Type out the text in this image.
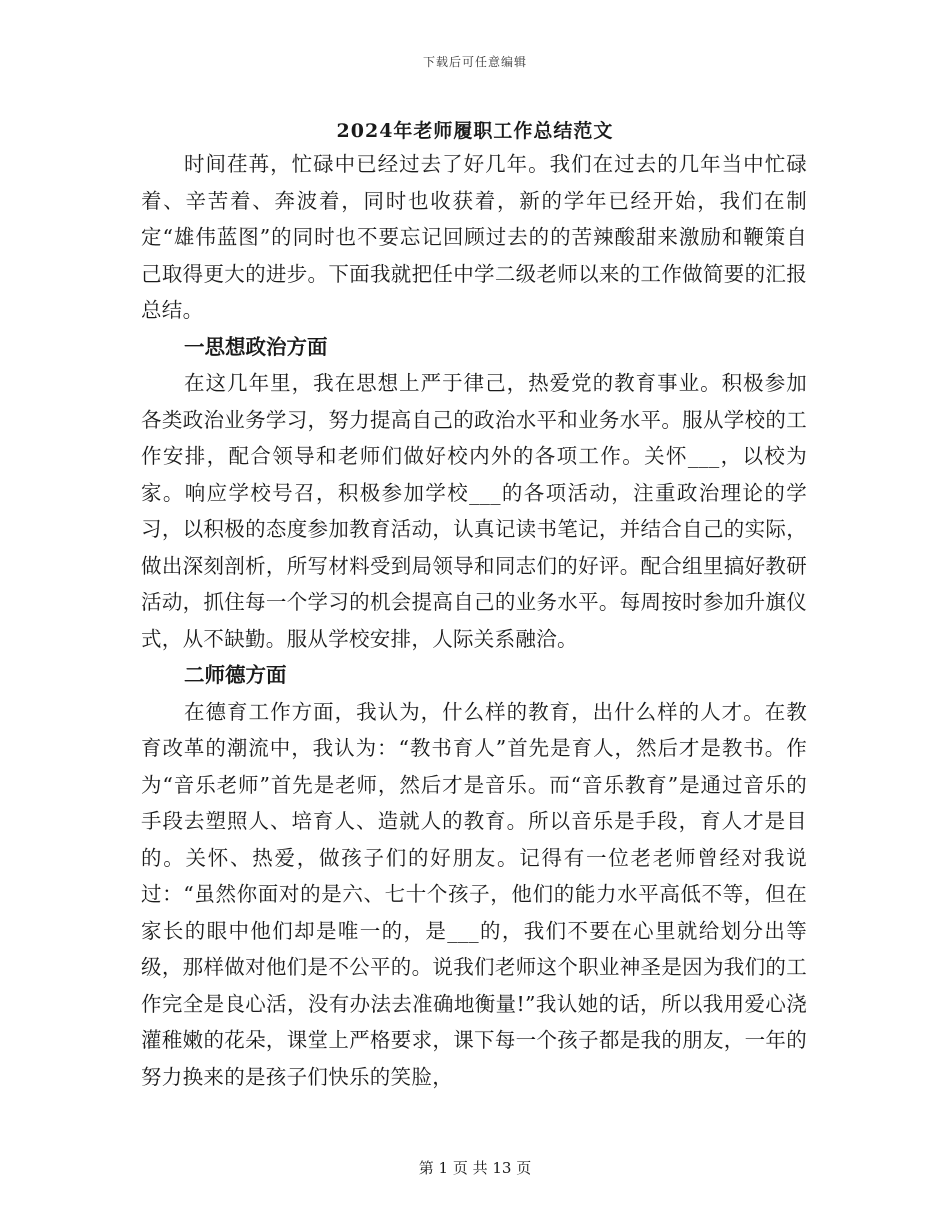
下载后可任意编辑
2024年老师履职工作总结范文

时间荏苒，忙碌中已经过去了好几年。我们在过去的几年当中忙碌着、辛苦着、奔波着，同时也收获着，新的学年已经开始，我们在制定“雄伟蓝图”的同时也不要忘记回顾过去的的苦辣酸甜来激励和鞭策自己取得更大的进步。下面我就把任中学二级老师以来的工作做简要的汇报总结。

一思想政治方面

在这几年里，我在思想上严于律己，热爱党的教育事业。积极参加各类政治业务学习，努力提高自己的政治水平和业务水平。服从学校的工作安排，配合领导和老师们做好校内外的各项工作。关怀___，以校为家。响应学校号召，积极参加学校___的各项活动，注重政治理论的学习，以积极的态度参加教育活动，认真记读书笔记，并结合自己的实际，做出深刻剖析，所写材料受到局领导和同志们的好评。配合组里搞好教研活动，抓住每一个学习的机会提高自己的业务水平。每周按时参加升旗仪式，从不缺勤。服从学校安排，人际关系融洽。

二师德方面

在德育工作方面，我认为，什么样的教育，出什么样的人才。在教育改革的潮流中，我认为：“教书育人”首先是育人，然后才是教书。作为“音乐老师”首先是老师，然后才是音乐。而“音乐教育”是通过音乐的手段去塑照人、培育人、造就人的教育。所以音乐是手段，育人才是目的。关怀、热爱，做孩子们的好朋友。记得有一位老老师曾经对我说过：“虽然你面对的是六、七十个孩子，他们的能力水平高低不等，但在家长的眼中他们却是唯一的，是___的，我们不要在心里就给划分出等级，那样做对他们是不公平的。说我们老师这个职业神圣是因为我们的工作完全是良心活，没有办法去准确地衡量!”我认她的话，所以我用爱心浇灌稚嫩的花朵，课堂上严格要求，课下每一个孩子都是我的朋友，一年的努力换来的是孩子们快乐的笑脸，

第 1 页 共 13 页
